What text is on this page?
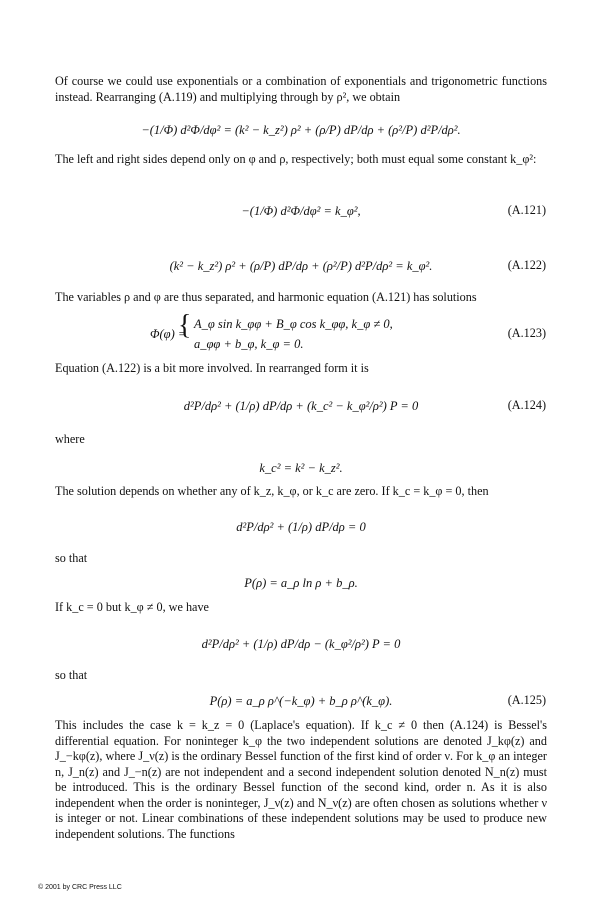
Of course we could use exponentials or a combination of exponentials and trigonometric functions instead. Rearranging (A.119) and multiplying through by ρ², we obtain
−(1/Φ) d²Φ/dφ² = (k² − k_z²) ρ² + (ρ/P) dP/dρ + (ρ²/P) d²P/dρ².
The left and right sides depend only on φ and ρ, respectively; both must equal some constant k_φ²:
−(1/Φ) d²Φ/dφ² = k_φ²,	(A.121)
(k² − k_z²) ρ² + (ρ/P) dP/dρ + (ρ²/P) d²P/dρ² = k_φ².	(A.122)
The variables ρ and φ are thus separated, and harmonic equation (A.121) has solutions
{
Φ(φ) =
A_φ sin k_φφ + B_φ cos k_φφ, k_φ ≠ 0,
a_φφ + b_φ, k_φ = 0.
(A.123)
Equation (A.122) is a bit more involved. In rearranged form it is
d²P/dρ² + (1/ρ) dP/dρ + (k_c² − k_φ²/ρ²) P = 0	(A.124)
where
k_c² = k² − k_z².
The solution depends on whether any of k_z, k_φ, or k_c are zero. If k_c = k_φ = 0, then
d²P/dρ² + (1/ρ) dP/dρ = 0
so that
P(ρ) = a_ρ ln ρ + b_ρ.
If k_c = 0 but k_φ ≠ 0, we have
d²P/dρ² + (1/ρ) dP/dρ − (k_φ²/ρ²) P = 0
so that
P(ρ) = a_ρ ρ^(−k_φ) + b_ρ ρ^(k_φ).	(A.125)
This includes the case k = k_z = 0 (Laplace's equation). If k_c ≠ 0 then (A.124) is Bessel's differential equation. For noninteger k_φ the two independent solutions are denoted J_kφ(z) and J_−kφ(z), where J_ν(z) is the ordinary Bessel function of the first kind of order ν. For k_φ an integer n, J_n(z) and J_−n(z) are not independent and a second independent solution denoted N_n(z) must be introduced. This is the ordinary Bessel function of the second kind, order n. As it is also independent when the order is noninteger, J_ν(z) and N_ν(z) are often chosen as solutions whether ν is integer or not. Linear combinations of these independent solutions may be used to produce new independent solutions. The functions
© 2001 by CRC Press LLC
